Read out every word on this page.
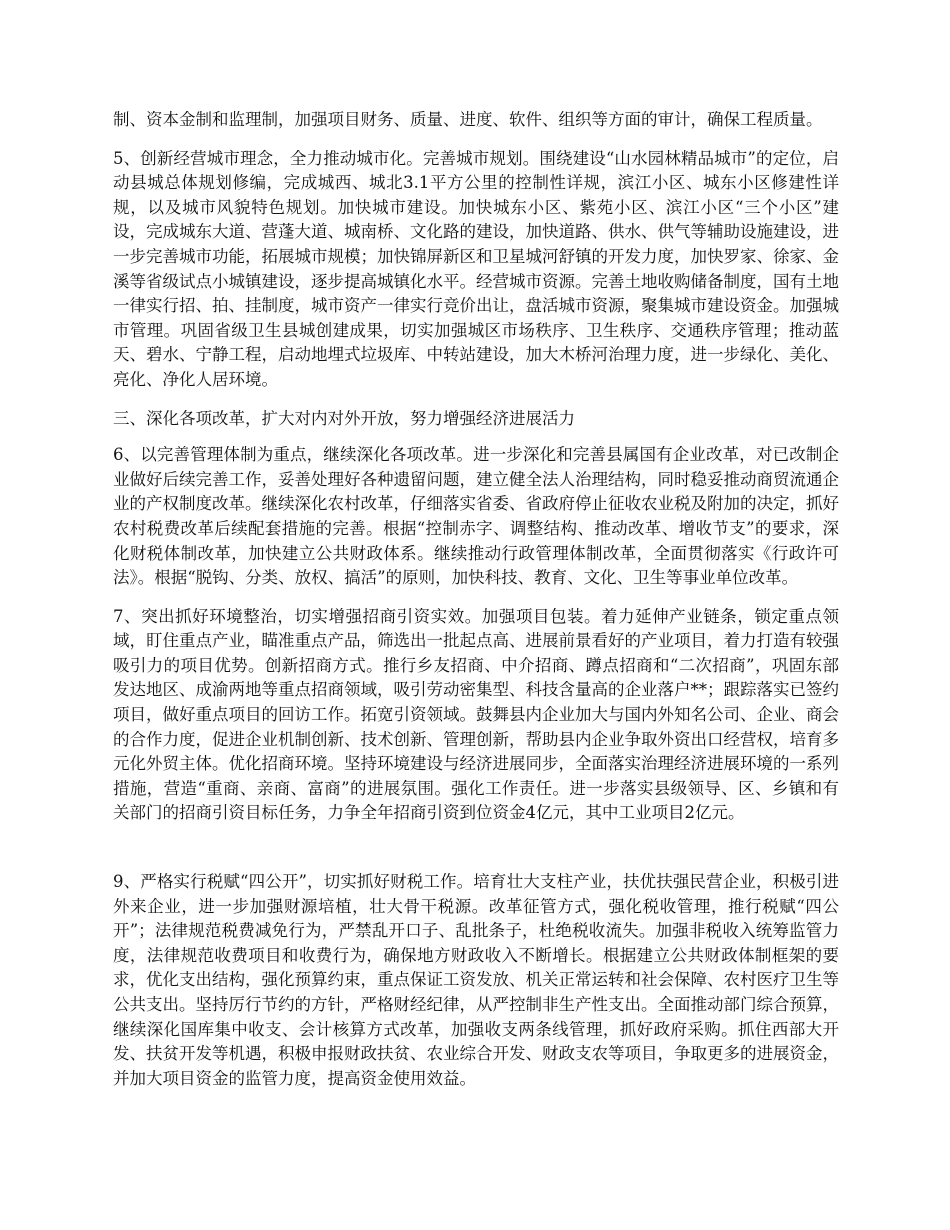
制、资本金制和监理制，加强项目财务、质量、进度、软件、组织等方面的审计，确保工程质量。

5、创新经营城市理念，全力推动城市化。完善城市规划。围绕建设“山水园林精品城市”的定位，启动县城总体规划修编，完成城西、城北3.1平方公里的控制性详规，滨江小区、城东小区修建性详规，以及城市风貌特色规划。加快城市建设。加快城东小区、紫苑小区、滨江小区“三个小区”建设，完成城东大道、营蓬大道、城南桥、文化路的建设，加快道路、供水、供气等辅助设施建设，进一步完善城市功能，拓展城市规模；加快锦屏新区和卫星城河舒镇的开发力度，加快罗家、徐家、金溪等省级试点小城镇建设，逐步提高城镇化水平。经营城市资源。完善土地收购储备制度，国有土地一律实行招、拍、挂制度，城市资产一律实行竞价出让，盘活城市资源，聚集城市建设资金。加强城市管理。巩固省级卫生县城创建成果，切实加强城区市场秩序、卫生秩序、交通秩序管理；推动蓝天、碧水、宁静工程，启动地埋式垃圾库、中转站建设，加大木桥河治理力度，进一步绿化、美化、亮化、净化人居环境。

三、深化各项改革，扩大对内对外开放，努力增强经济进展活力

6、以完善管理体制为重点，继续深化各项改革。进一步深化和完善县属国有企业改革，对已改制企业做好后续完善工作，妥善处理好各种遗留问题，建立健全法人治理结构，同时稳妥推动商贸流通企业的产权制度改革。继续深化农村改革，仔细落实省委、省政府停止征收农业税及附加的决定，抓好农村税费改革后续配套措施的完善。根据“控制赤字、调整结构、推动改革、增收节支”的要求，深化财税体制改革，加快建立公共财政体系。继续推动行政管理体制改革，全面贯彻落实《行政许可法》。根据“脱钩、分类、放权、搞活”的原则，加快科技、教育、文化、卫生等事业单位改革。

7、突出抓好环境整治，切实增强招商引资实效。加强项目包装。着力延伸产业链条，锁定重点领域，盯住重点产业，瞄准重点产品，筛选出一批起点高、进展前景看好的产业项目，着力打造有较强吸引力的项目优势。创新招商方式。推行乡友招商、中介招商、蹲点招商和“二次招商”，巩固东部发达地区、成渝两地等重点招商领域，吸引劳动密集型、科技含量高的企业落户**；跟踪落实已签约项目，做好重点项目的回访工作。拓宽引资领域。鼓舞县内企业加大与国内外知名公司、企业、商会的合作力度，促进企业机制创新、技术创新、管理创新，帮助县内企业争取外资出口经营权，培育多元化外贸主体。优化招商环境。坚持环境建设与经济进展同步，全面落实治理经济进展环境的一系列措施，营造“重商、亲商、富商”的进展氛围。强化工作责任。进一步落实县级领导、区、乡镇和有关部门的招商引资目标任务，力争全年招商引资到位资金4亿元，其中工业项目2亿元。

9、严格实行税赋“四公开”，切实抓好财税工作。培育壮大支柱产业，扶优扶强民营企业，积极引进外来企业，进一步加强财源培植，壮大骨干税源。改革征管方式，强化税收管理，推行税赋“四公开”；法律规范税费减免行为，严禁乱开口子、乱批条子，杜绝税收流失。加强非税收入统筹监管力度，法律规范收费项目和收费行为，确保地方财政收入不断增长。根据建立公共财政体制框架的要求，优化支出结构，强化预算约束，重点保证工资发放、机关正常运转和社会保障、农村医疗卫生等公共支出。坚持厉行节约的方针，严格财经纪律，从严控制非生产性支出。全面推动部门综合预算，继续深化国库集中收支、会计核算方式改革，加强收支两条线管理，抓好政府采购。抓住西部大开发、扶贫开发等机遇，积极申报财政扶贫、农业综合开发、财政支农等项目，争取更多的进展资金，并加大项目资金的监管力度，提高资金使用效益。
